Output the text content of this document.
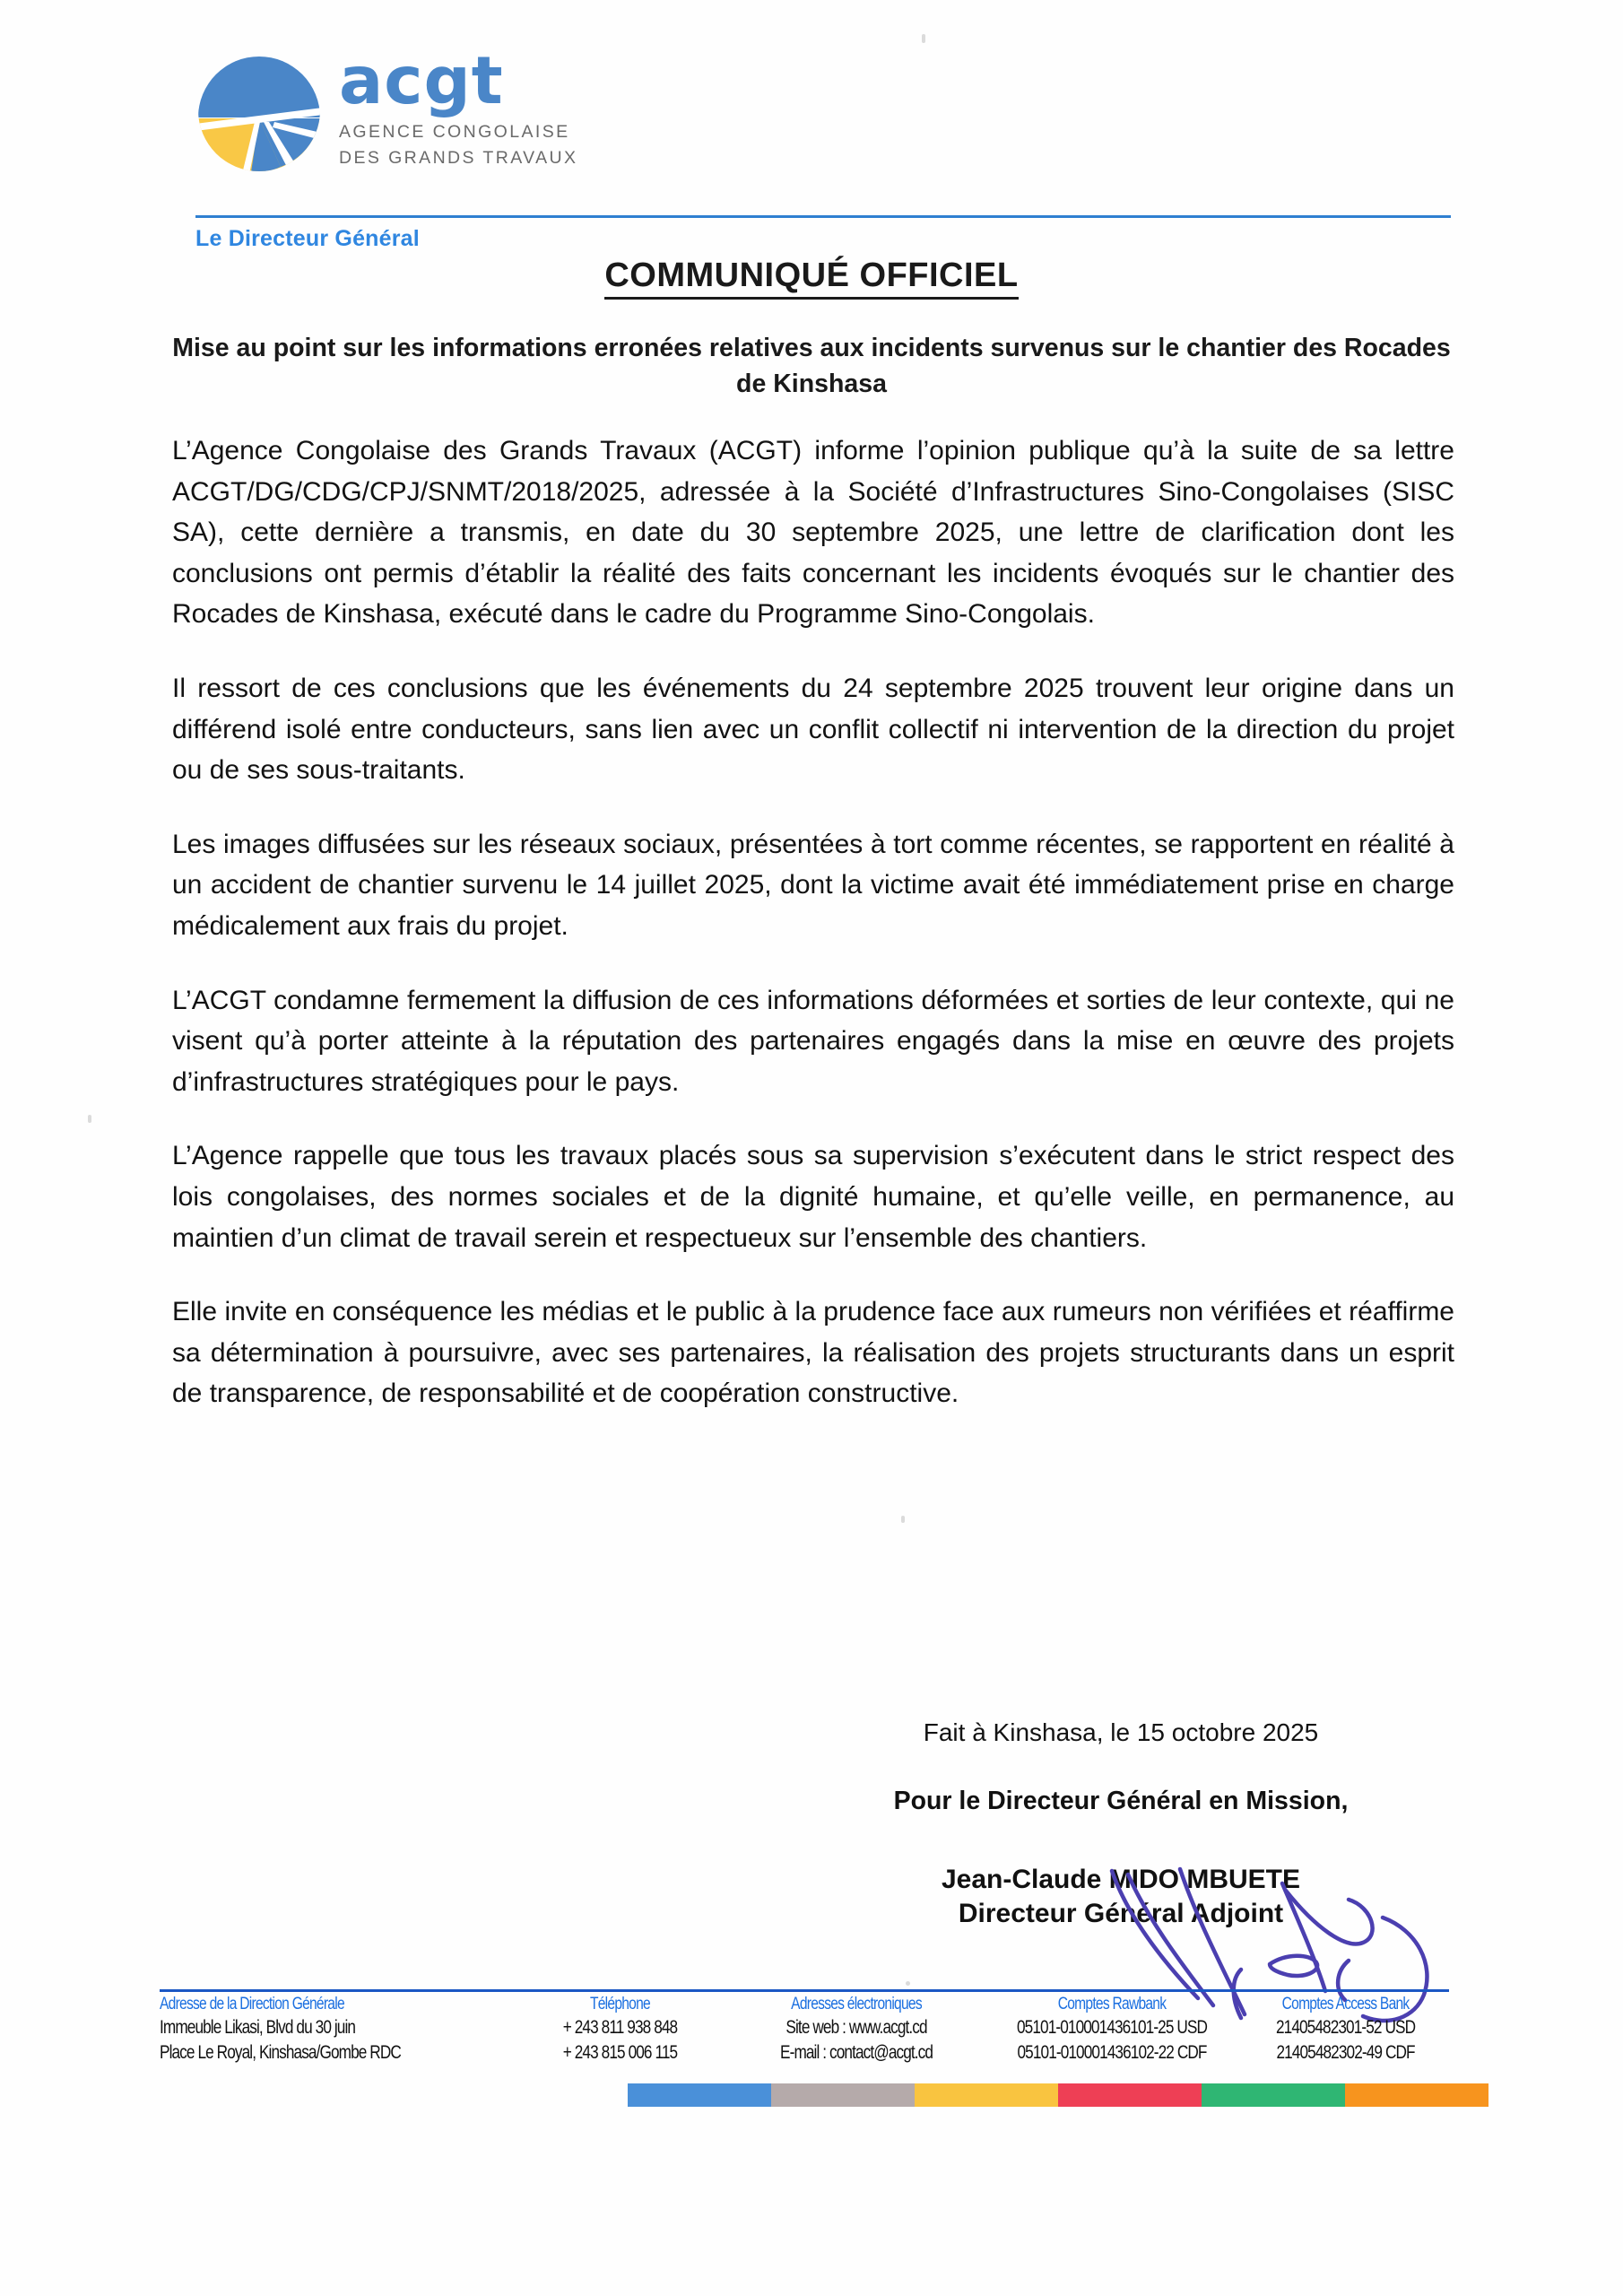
acgt
AGENCE CONGOLAISE
DES GRANDS TRAVAUX
Le Directeur Général
COMMUNIQUÉ OFFICIEL
Mise au point sur les informations erronées relatives aux incidents survenus sur le chantier des Rocades de Kinshasa

L’Agence Congolaise des Grands Travaux (ACGT) informe l’opinion publique qu’à la suite de sa lettre ACGT/DG/CDG/CPJ/SNMT/2018/2025, adressée à la Société d’Infrastructures Sino-Congolaises (SISC SA), cette dernière a transmis, en date du 30 septembre 2025, une lettre de clarification dont les conclusions ont permis d’établir la réalité des faits concernant les incidents évoqués sur le chantier des Rocades de Kinshasa, exécuté dans le cadre du Programme Sino-Congolais.

Il ressort de ces conclusions que les événements du 24 septembre 2025 trouvent leur origine dans un différend isolé entre conducteurs, sans lien avec un conflit collectif ni intervention de la direction du projet ou de ses sous-traitants.

Les images diffusées sur les réseaux sociaux, présentées à tort comme récentes, se rapportent en réalité à un accident de chantier survenu le 14 juillet 2025, dont la victime avait été immédiatement prise en charge médicalement aux frais du projet.

L’ACGT condamne fermement la diffusion de ces informations déformées et sorties de leur contexte, qui ne visent qu’à porter atteinte à la réputation des partenaires engagés dans la mise en œuvre des projets d’infrastructures stratégiques pour le pays.

L’Agence rappelle que tous les travaux placés sous sa supervision s’exécutent dans le strict respect des lois congolaises, des normes sociales et de la dignité humaine, et qu’elle veille, en permanence, au maintien d’un climat de travail serein et respectueux sur l’ensemble des chantiers.

Elle invite en conséquence les médias et le public à la prudence face aux rumeurs non vérifiées et réaffirme sa détermination à poursuivre, avec ses partenaires, la réalisation des projets structurants dans un esprit de transparence, de responsabilité et de coopération constructive.

Fait à Kinshasa, le 15 octobre 2025
Pour le Directeur Général en Mission,
Jean-Claude MIDO MBUETE
Directeur Général Adjoint
Adresse de la Direction Générale
Immeuble Likasi, Blvd du 30 juin
Place Le Royal, Kinshasa/Gombe RDC
Téléphone
+ 243 811 938 848
+ 243 815 006 115
Adresses électroniques
Site web : www.acgt.cd
E-mail : contact@acgt.cd
Comptes Rawbank
05101-010001436101-25 USD
05101-010001436102-22 CDF
Comptes Access Bank
21405482301-52 USD
21405482302-49 CDF
